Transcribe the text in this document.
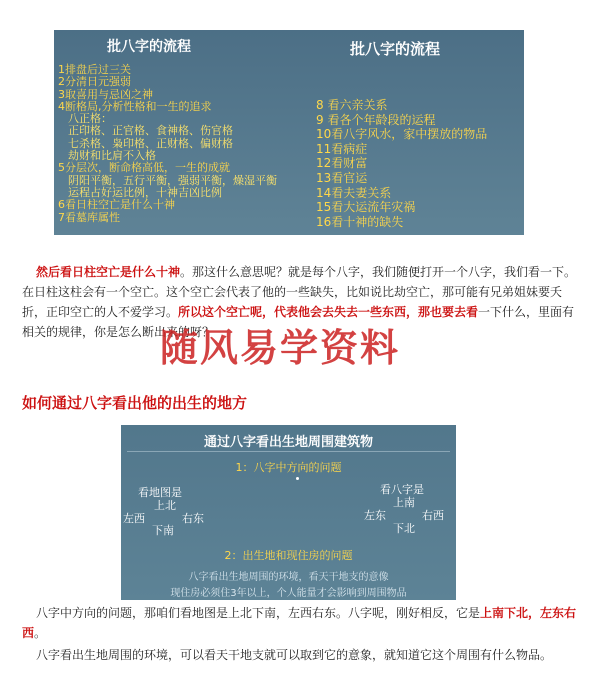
批八字的流程	批八字的流程
1排盘后过三关
2分清日元强弱
3取喜用与忌凶之神
4断格局,分析性格和一生的追求
八正格：
正印格、正官格、食神格、伤官格
七杀格、枭印格、正财格、偏财格
劫财和比肩不入格
5分层次，断命格高低，一生的成就
阴阳平衡，五行平衡，强弱平衡，燥湿平衡
运程占好运比例，十神吉凶比例
6看日柱空亡是什么十神
7看墓库属性
8 看六亲关系
9 看各个年龄段的运程
10看八字风水，家中摆放的物品
11看病症
12看财富
13看官运
14看夫妻关系
15看大运流年灾祸
16看十神的缺失
然后看日柱空亡是什么十神。那这什么意思呢？就是每个八字，我们随便打开一个八字，我们看一下。在日柱这柱会有一个空亡。这个空亡会代表了他的一些缺失，比如说比劫空亡，那可能有兄弟姐妹要夭折，正印空亡的人不爱学习。所以这个空亡呢，代表他会去失去一些东西，那也要去看一下什么，里面有相关的规律，你是怎么断出来的呀？
随风易学资料
如何通过八字看出他的出生的地方
通过八字看出生地周围建筑物
1：八字中方向的问题
看地图是
上北
左西	右东
下南
看八字是
上南
左东	右西
下北
2：出生地和现住房的问题
八字看出生地周围的环境，看天干地支的意像
现住房必须住3年以上，个人能量才会影响到周围物品
八字中方向的问题，那咱们看地图是上北下南，左西右东。八字呢，刚好相反，它是上南下北，左东右西。
八字看出生地周围的环境，可以看天干地支就可以取到它的意象，就知道它这个周围有什么物品。
